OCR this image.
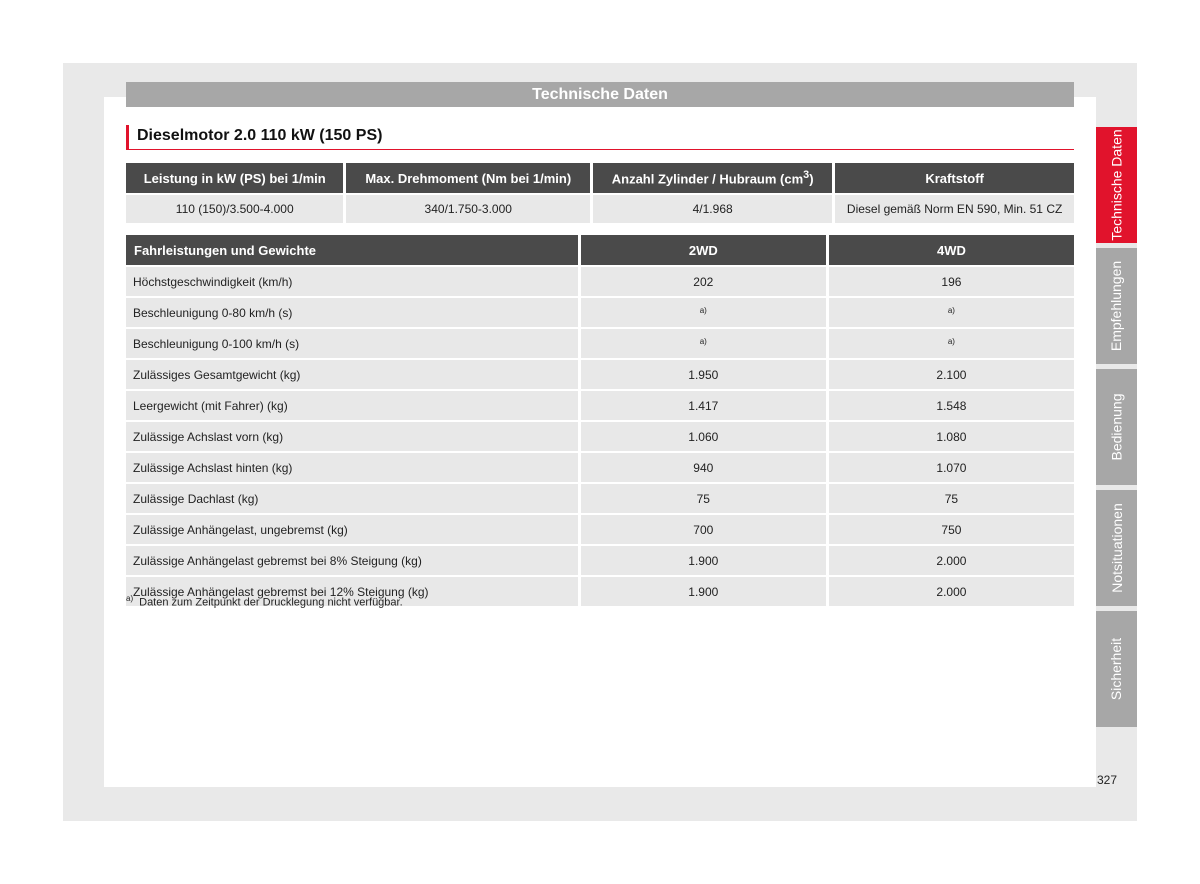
Technische Daten
Dieselmotor 2.0 110 kW (150 PS)
Leistung in kW (PS) bei 1/min	Max. Drehmoment (Nm bei 1/min)	Anzahl Zylinder / Hubraum $(cm^3)$	Kraftstoff
110 (150)/3.500-4.000	340/1.750-3.000	4/1.968	Diesel gemäß Norm EN 590, Min. 51 CZ
Fahrleistungen und Gewichte	2WD	4WD
Höchstgeschwindigkeit (km/h)	202	196
Beschleunigung 0-80 km/h (s)	$^{a)}$	$^{a)}$
Beschleunigung 0-100 km/h (s)	$^{a)}$	$^{a)}$
Zulässiges Gesamtgewicht (kg)	1.950	2.100
Leergewicht (mit Fahrer) (kg)	1.417	1.548
Zulässige Achslast vorn (kg)	1.060	1.080
Zulässige Achslast hinten (kg)	940	1.070
Zulässige Dachlast (kg)	75	75
Zulässige Anhängelast, ungebremst (kg)	700	750
Zulässige Anhängelast gebremst bei 8% Steigung (kg)	1.900	2.000
Zulässige Anhängelast gebremst bei 12% Steigung (kg)	1.900	2.000
$^{a)}$ Daten zum Zeitpunkt der Drucklegung nicht verfügbar.
Technische Daten
Empfehlungen
Bedienung
Notsituationen
Sicherheit
327
